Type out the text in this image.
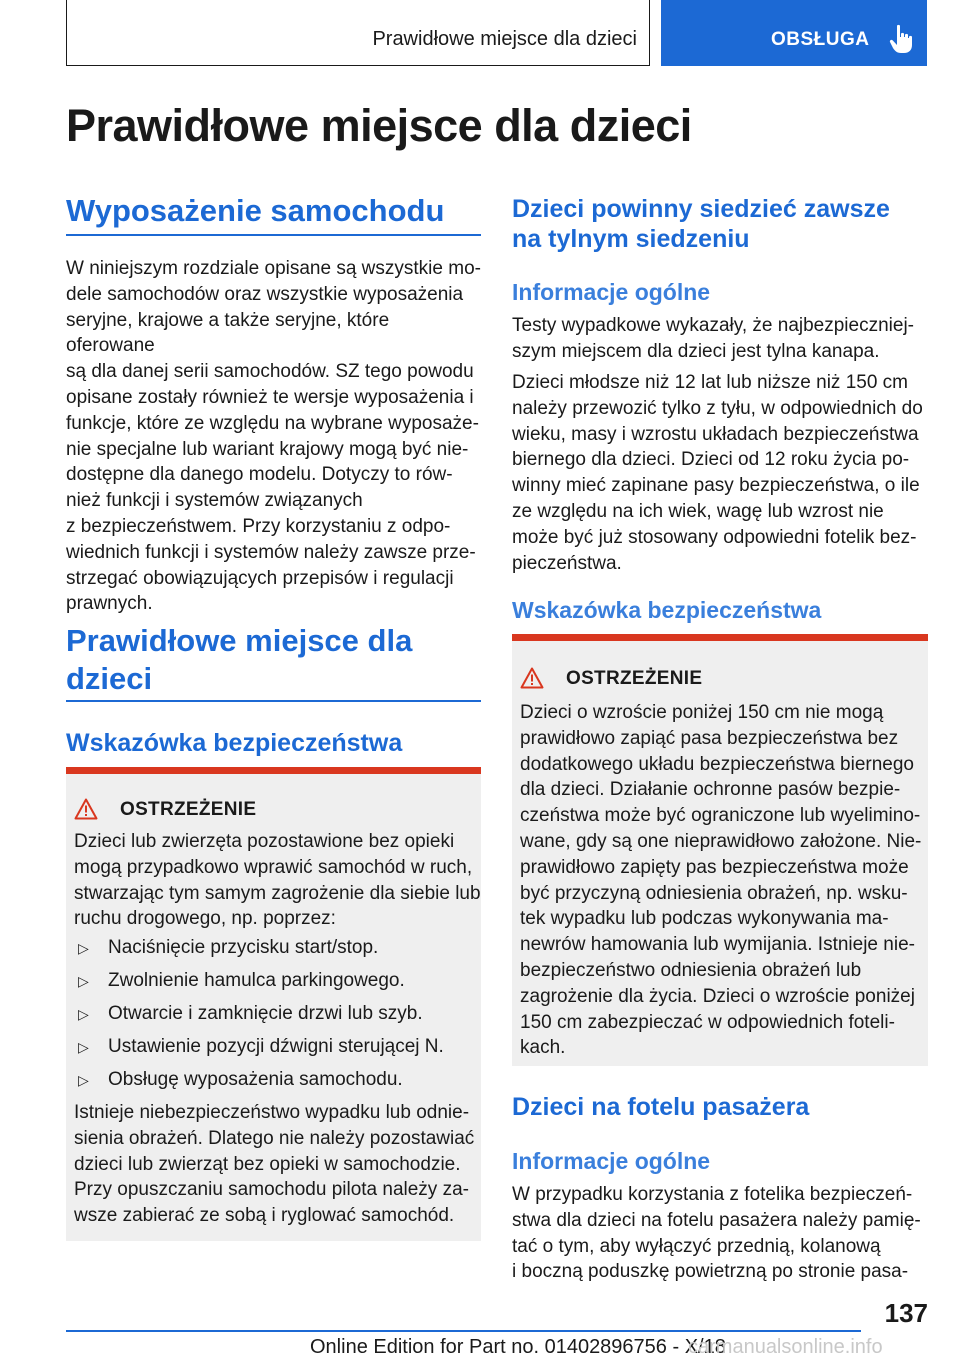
Prawidłowe miejsce dla dzieci	OBSŁUGA
Prawidłowe miejsce dla dzieci
Wyposażenie samochodu
W niniejszym rozdziale opisane są wszystkie mo-
dele samochodów oraz wszystkie wyposażenia
seryjne, krajowe a także seryjne, które oferowane
są dla danej serii samochodów. SZ tego powodu
opisane zostały również te wersje wyposażenia i
funkcje, które ze względu na wybrane wyposaże-
nie specjalne lub wariant krajowy mogą być nie-
dostępne dla danego modelu. Dotyczy to rów-
nież funkcji i systemów związanych
z bezpieczeństwem. Przy korzystaniu z odpo-
wiednich funkcji i systemów należy zawsze prze-
strzegać obowiązujących przepisów i regulacji
prawnych.
Prawidłowe miejsce dla
dzieci
Wskazówka bezpieczeństwa
OSTRZEŻENIE
Dzieci lub zwierzęta pozostawione bez opieki
mogą przypadkowo wprawić samochód w ruch,
stwarzając tym samym zagrożenie dla siebie lub
ruchu drogowego, np. poprzez:
▷ Naciśnięcie przycisku start/stop.
▷ Zwolnienie hamulca parkingowego.
▷ Otwarcie i zamknięcie drzwi lub szyb.
▷ Ustawienie pozycji dźwigni sterującej N.
▷ Obsługę wyposażenia samochodu.
Istnieje niebezpieczeństwo wypadku lub odnie-
sienia obrażeń. Dlatego nie należy pozostawiać
dzieci lub zwierząt bez opieki w samochodzie.
Przy opuszczaniu samochodu pilota należy za-
wsze zabierać ze sobą i ryglować samochód.
Dzieci powinny siedzieć zawsze
na tylnym siedzeniu
Informacje ogólne
Testy wypadkowe wykazały, że najbezpieczniej-
szym miejscem dla dzieci jest tylna kanapa.
Dzieci młodsze niż 12 lat lub niższe niż 150 cm
należy przewozić tylko z tyłu, w odpowiednich do
wieku, masy i wzrostu układach bezpieczeństwa
biernego dla dzieci. Dzieci od 12 roku życia po-
winny mieć zapinane pasy bezpieczeństwa, o ile
ze względu na ich wiek, wagę lub wzrost nie
może być już stosowany odpowiedni fotelik bez-
pieczeństwa.
Wskazówka bezpieczeństwa
OSTRZEŻENIE
Dzieci o wzroście poniżej 150 cm nie mogą
prawidłowo zapiąć pasa bezpieczeństwa bez
dodatkowego układu bezpieczeństwa biernego
dla dzieci. Działanie ochronne pasów bezpie-
czeństwa może być ograniczone lub wyelimino-
wane, gdy są one nieprawidłowo założone. Nie-
prawidłowo zapięty pas bezpieczeństwa może
być przyczyną odniesienia obrażeń, np. wsku-
tek wypadku lub podczas wykonywania ma-
newrów hamowania lub wymijania. Istnieje nie-
bezpieczeństwo odniesienia obrażeń lub
zagrożenie dla życia. Dzieci o wzroście poniżej
150 cm zabezpieczać w odpowiednich foteli-
kach.
Dzieci na fotelu pasażera
Informacje ogólne
W przypadku korzystania z fotelika bezpieczeń-
stwa dla dzieci na fotelu pasażera należy pamię-
tać o tym, aby wyłączyć przednią, kolanową
i boczną poduszkę powietrzną po stronie pasa-
137
Online Edition for Part no. 01402896756 - X/18
carmanualsonline.info
